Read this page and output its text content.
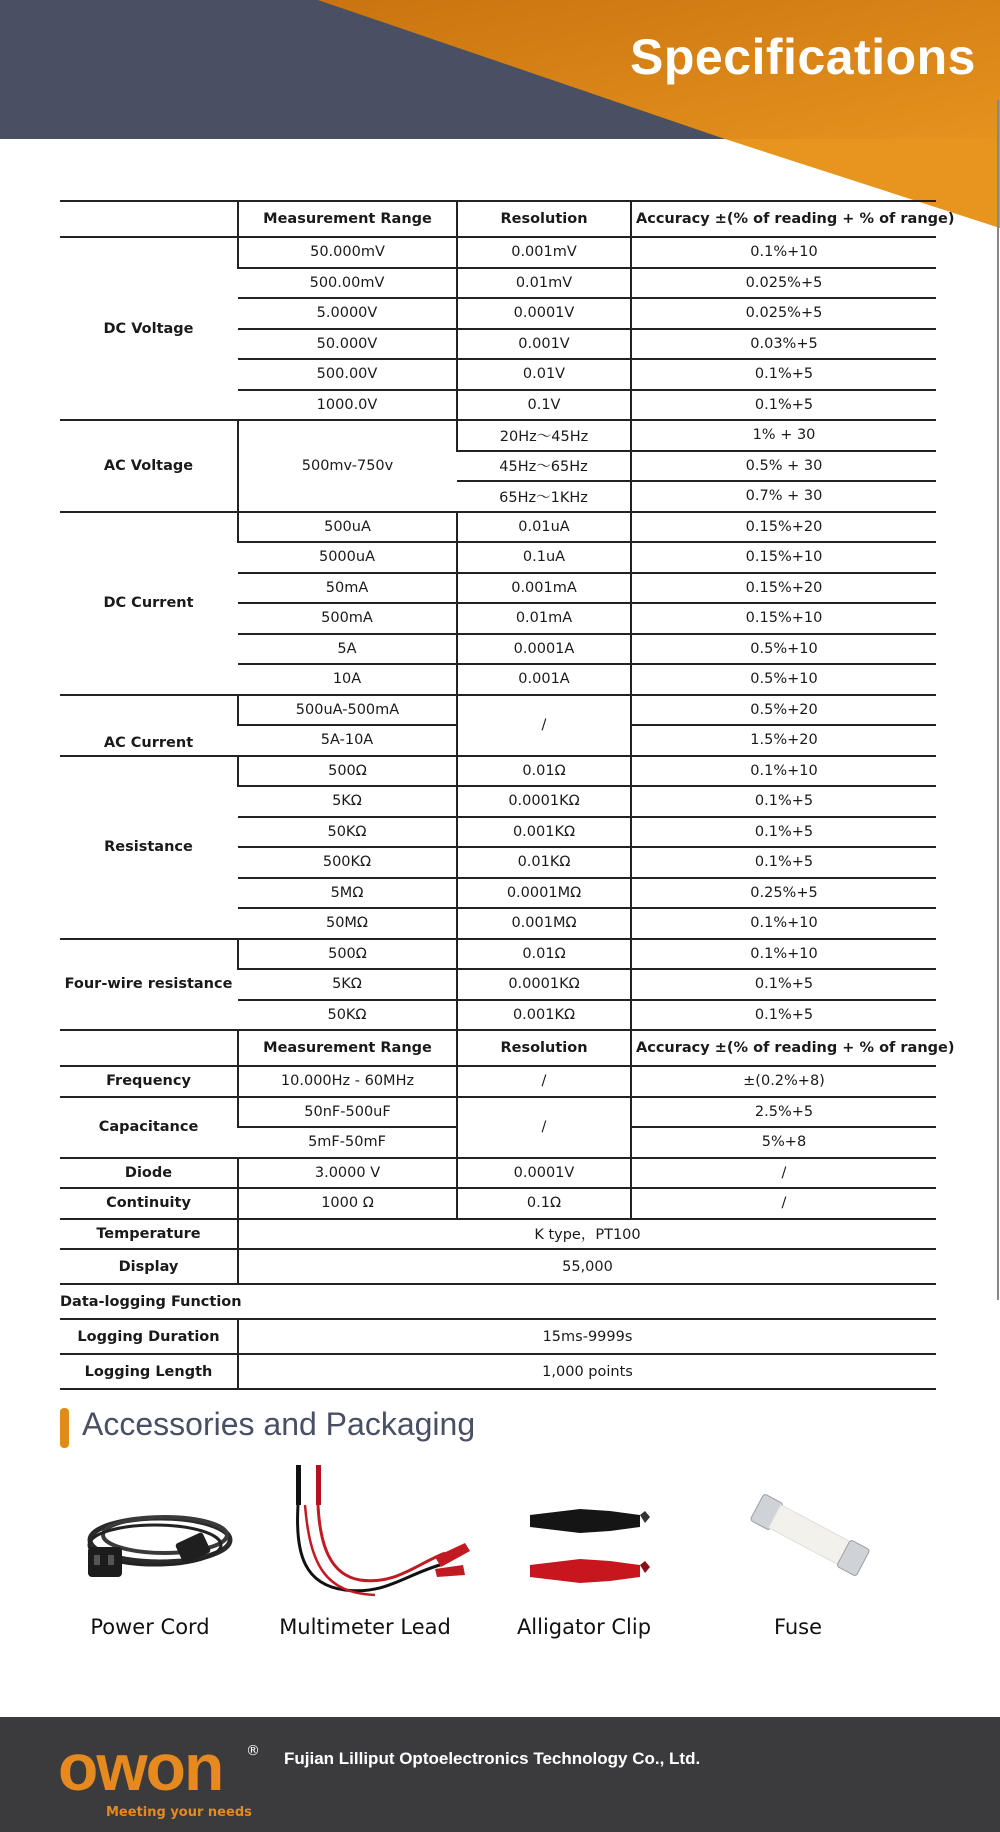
Specifications
	Measurement Range	Resolution	Accuracy ±(% of reading + % of range)
DC Voltage	50.000mV	0.001mV	0.1%+10
	500.00mV	0.01mV	0.025%+5
	5.0000V	0.0001V	0.025%+5
	50.000V	0.001V	0.03%+5
	500.00V	0.01V	0.1%+5
	1000.0V	0.1V	0.1%+5
AC Voltage	500mv-750v	20Hz～45Hz	1% + 30
		45Hz～65Hz	0.5% + 30
		65Hz～1KHz	0.7% + 30
DC Current	500uA	0.01uA	0.15%+20
	5000uA	0.1uA	0.15%+10
	50mA	0.001mA	0.15%+20
	500mA	0.01mA	0.15%+10
	5A	0.0001A	0.5%+10
	10A	0.001A	0.5%+10
AC Current	500uA-500mA	/	0.5%+20
	5A-10A		1.5%+20
Resistance	500Ω	0.01Ω	0.1%+10
	5KΩ	0.0001KΩ	0.1%+5
	50KΩ	0.001KΩ	0.1%+5
	500KΩ	0.01KΩ	0.1%+5
	5MΩ	0.0001MΩ	0.25%+5
	50MΩ	0.001MΩ	0.1%+10
Four-wire resistance	500Ω	0.01Ω	0.1%+10
	5KΩ	0.0001KΩ	0.1%+5
	50KΩ	0.001KΩ	0.1%+5
	Measurement Range	Resolution	Accuracy ±(% of reading + % of range)
Frequency	10.000Hz - 60MHz	/	±(0.2%+8)
Capacitance	50nF-500uF	/	2.5%+5
	5mF-50mF		5%+8
Diode	3.0000 V	0.0001V	/
Continuity	1000 Ω	0.1Ω	/
Temperature	K type，PT100		
Display	55,000		
Data-logging Function			
Logging Duration	15ms-9999s		
Logging Length	1,000 points		
Accessories and Packaging
Power Cord	Multimeter Lead	Alligator Clip	Fuse
owon ®
Meeting your needs
Fujian Lilliput Optoelectronics Technology Co., Ltd.
